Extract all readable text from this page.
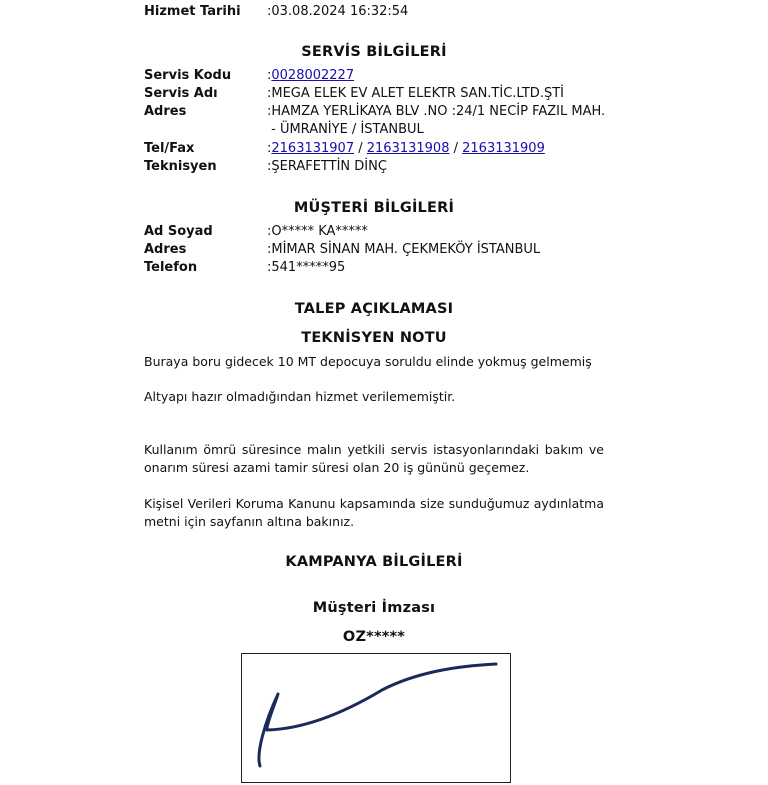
Hizmet Tarihi :03.08.2024 16:32:54
SERVİS BİLGİLERİ
Servis Kodu	:0028002227
Servis Adı	:MEGA ELEK EV ALET ELEKTR SAN.TİC.LTD.ŞTİ
Adres	:HAMZA YERLİKAYA BLV .NO :24/1 NECİP FAZIL MAH.
- ÜMRANİYE / İSTANBUL
Tel/Fax	:2163131907 / 2163131908 / 2163131909
Teknisyen	:ŞERAFETTİN DİNÇ
MÜŞTERİ BİLGİLERİ
Ad Soyad	:O***** KA*****
Adres	:MİMAR SİNAN MAH. ÇEKMEKÖY İSTANBUL
Telefon	:541*****95
TALEP AÇIKLAMASI
TEKNİSYEN NOTU
Buraya boru gidecek 10 MT depocuya soruldu elinde yokmuş gelmemiş
Altyapı hazır olmadığından hizmet verilememiştir.
Kullanım ömrü süresince malın yetkili servis istasyonlarındaki bakım ve onarım süresi azami tamir süresi olan 20 iş gününü geçemez.
Kişisel Verileri Koruma Kanunu kapsamında size sunduğumuz aydınlatma metni için sayfanın altına bakınız.
KAMPANYA BİLGİLERİ
Müşteri İmzası
OZ*****
